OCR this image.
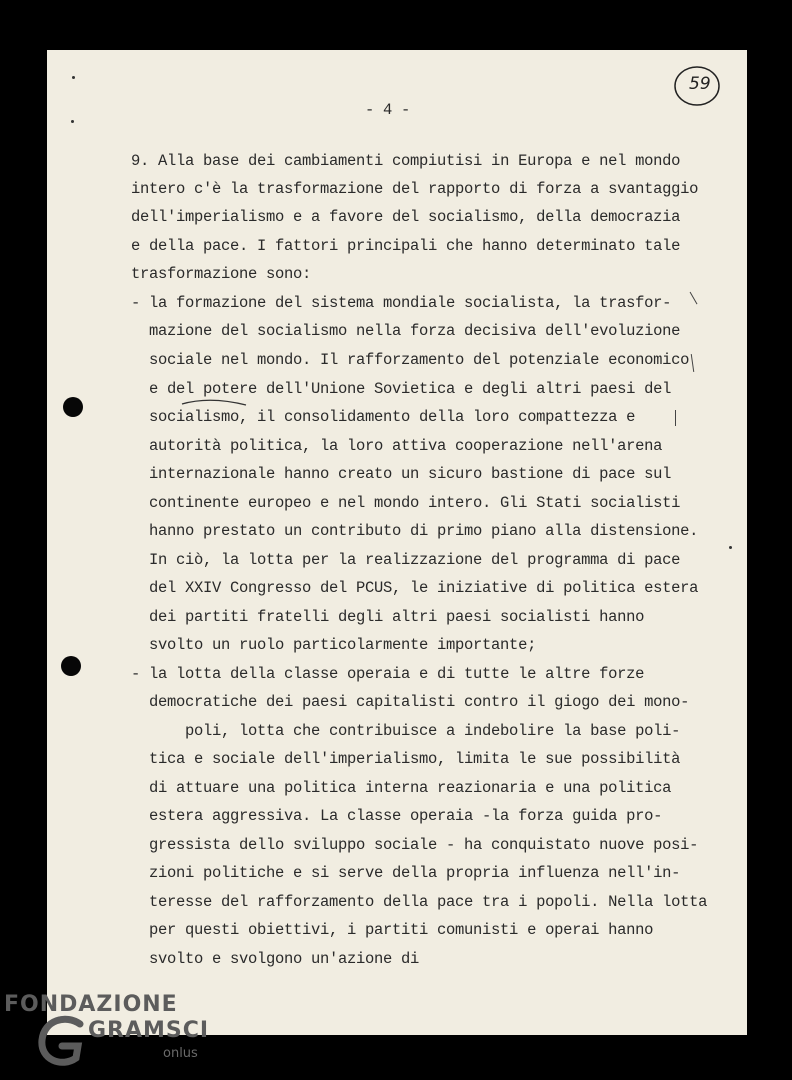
- 4 -
59
9. Alla base dei cambiamenti compiutisi in Europa e nel mondo
intero c'è la trasformazione del rapporto di forza a svantaggio
dell'imperialismo e a favore del socialismo, della democrazia
e della pace. I fattori principali che hanno determinato tale
trasformazione sono:
- la formazione del sistema mondiale socialista, la trasfor-
mazione del socialismo nella forza decisiva dell'evoluzione
sociale nel mondo. Il rafforzamento del potenziale economico
e del potere dell'Unione Sovietica e degli altri paesi del
socialismo, il consolidamento della loro compattezza e
autorità politica, la loro attiva cooperazione nell'arena
internazionale hanno creato un sicuro bastione di pace sul
continente europeo e nel mondo intero. Gli Stati socialisti
hanno prestato un contributo di primo piano alla distensione.
In ciò, la lotta per la realizzazione del programma di pace
del XXIV Congresso del PCUS, le iniziative di politica estera
dei partiti fratelli degli altri paesi socialisti hanno
svolto un ruolo particolarmente importante;
- la lotta della classe operaia e di tutte le altre forze
democratiche dei paesi capitalisti contro il giogo dei mono-
poli, lotta che contribuisce a indebolire la base poli-
tica e sociale dell'imperialismo, limita le sue possibilità
di attuare una politica interna reazionaria e una politica
estera aggressiva. La classe operaia -la forza guida pro-
gressista dello sviluppo sociale - ha conquistato nuove posi-
zioni politiche e si serve della propria influenza nell'in-
teresse del rafforzamento della pace tra i popoli. Nella lotta
per questi obiettivi, i partiti comunisti e operai hanno
svolto e svolgono un'azione di
FONDAZIONE
GRAMSCI
onlus
